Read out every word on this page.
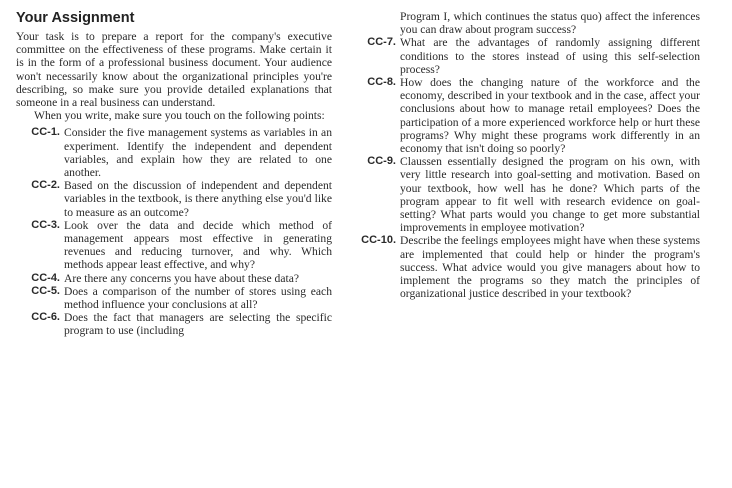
Your Assignment

Your task is to prepare a report for the company's executive committee on the effectiveness of these programs. Make certain it is in the form of a professional business document. Your audience won't necessarily know about the organizational principles you're describing, so make sure you provide detailed explanations that someone in a real business can understand.

When you write, make sure you touch on the following points:

CC-1. Consider the five management systems as variables in an experiment. Identify the independent and dependent variables, and explain how they are related to one another.
CC-2. Based on the discussion of independent and dependent variables in the textbook, is there anything else you'd like to measure as an outcome?
CC-3. Look over the data and decide which method of management appears most effective in generating revenues and reducing turnover, and why. Which methods appear least effective, and why?
CC-4. Are there any concerns you have about these data?
CC-5. Does a comparison of the number of stores using each method influence your conclusions at all?
CC-6. Does the fact that managers are selecting the specific program to use (including

Program I, which continues the status quo) affect the inferences you can draw about program success?

CC-7. What are the advantages of randomly assigning different conditions to the stores instead of using this self-selection process?
CC-8. How does the changing nature of the workforce and the economy, described in your textbook and in the case, affect your conclusions about how to manage retail employees? Does the participation of a more experienced workforce help or hurt these programs? Why might these programs work differently in an economy that isn't doing so poorly?
CC-9. Claussen essentially designed the program on his own, with very little research into goal-setting and motivation. Based on your textbook, how well has he done? Which parts of the program appear to fit well with research evidence on goal-setting? What parts would you change to get more substantial improvements in employee motivation?
CC-10. Describe the feelings employees might have when these systems are implemented that could help or hinder the program's success. What advice would you give managers about how to implement the programs so they match the principles of organizational justice described in your textbook?
